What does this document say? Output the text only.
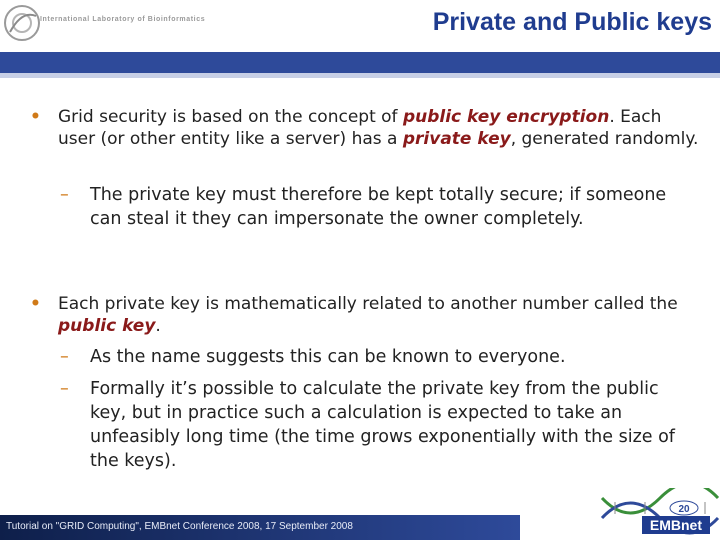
International Laboratory of Bioinformatics	Private and Public keys
• Grid security is based on the concept of public key encryption. Each user (or other entity like a server) has a private key, generated randomly.
– The private key must therefore be kept totally secure; if someone can steal it they can impersonate the owner completely.
• Each private key is mathematically related to another number called the public key.
– As the name suggests this can be known to everyone.
– Formally it’s possible to calculate the private key from the public key, but in practice such a calculation is expected to take an unfeasibly long time (the time grows exponentially with the size of the keys).
Tutorial on "GRID Computing", EMBnet Conference 2008, 17 September 2008
20
EMBnet
